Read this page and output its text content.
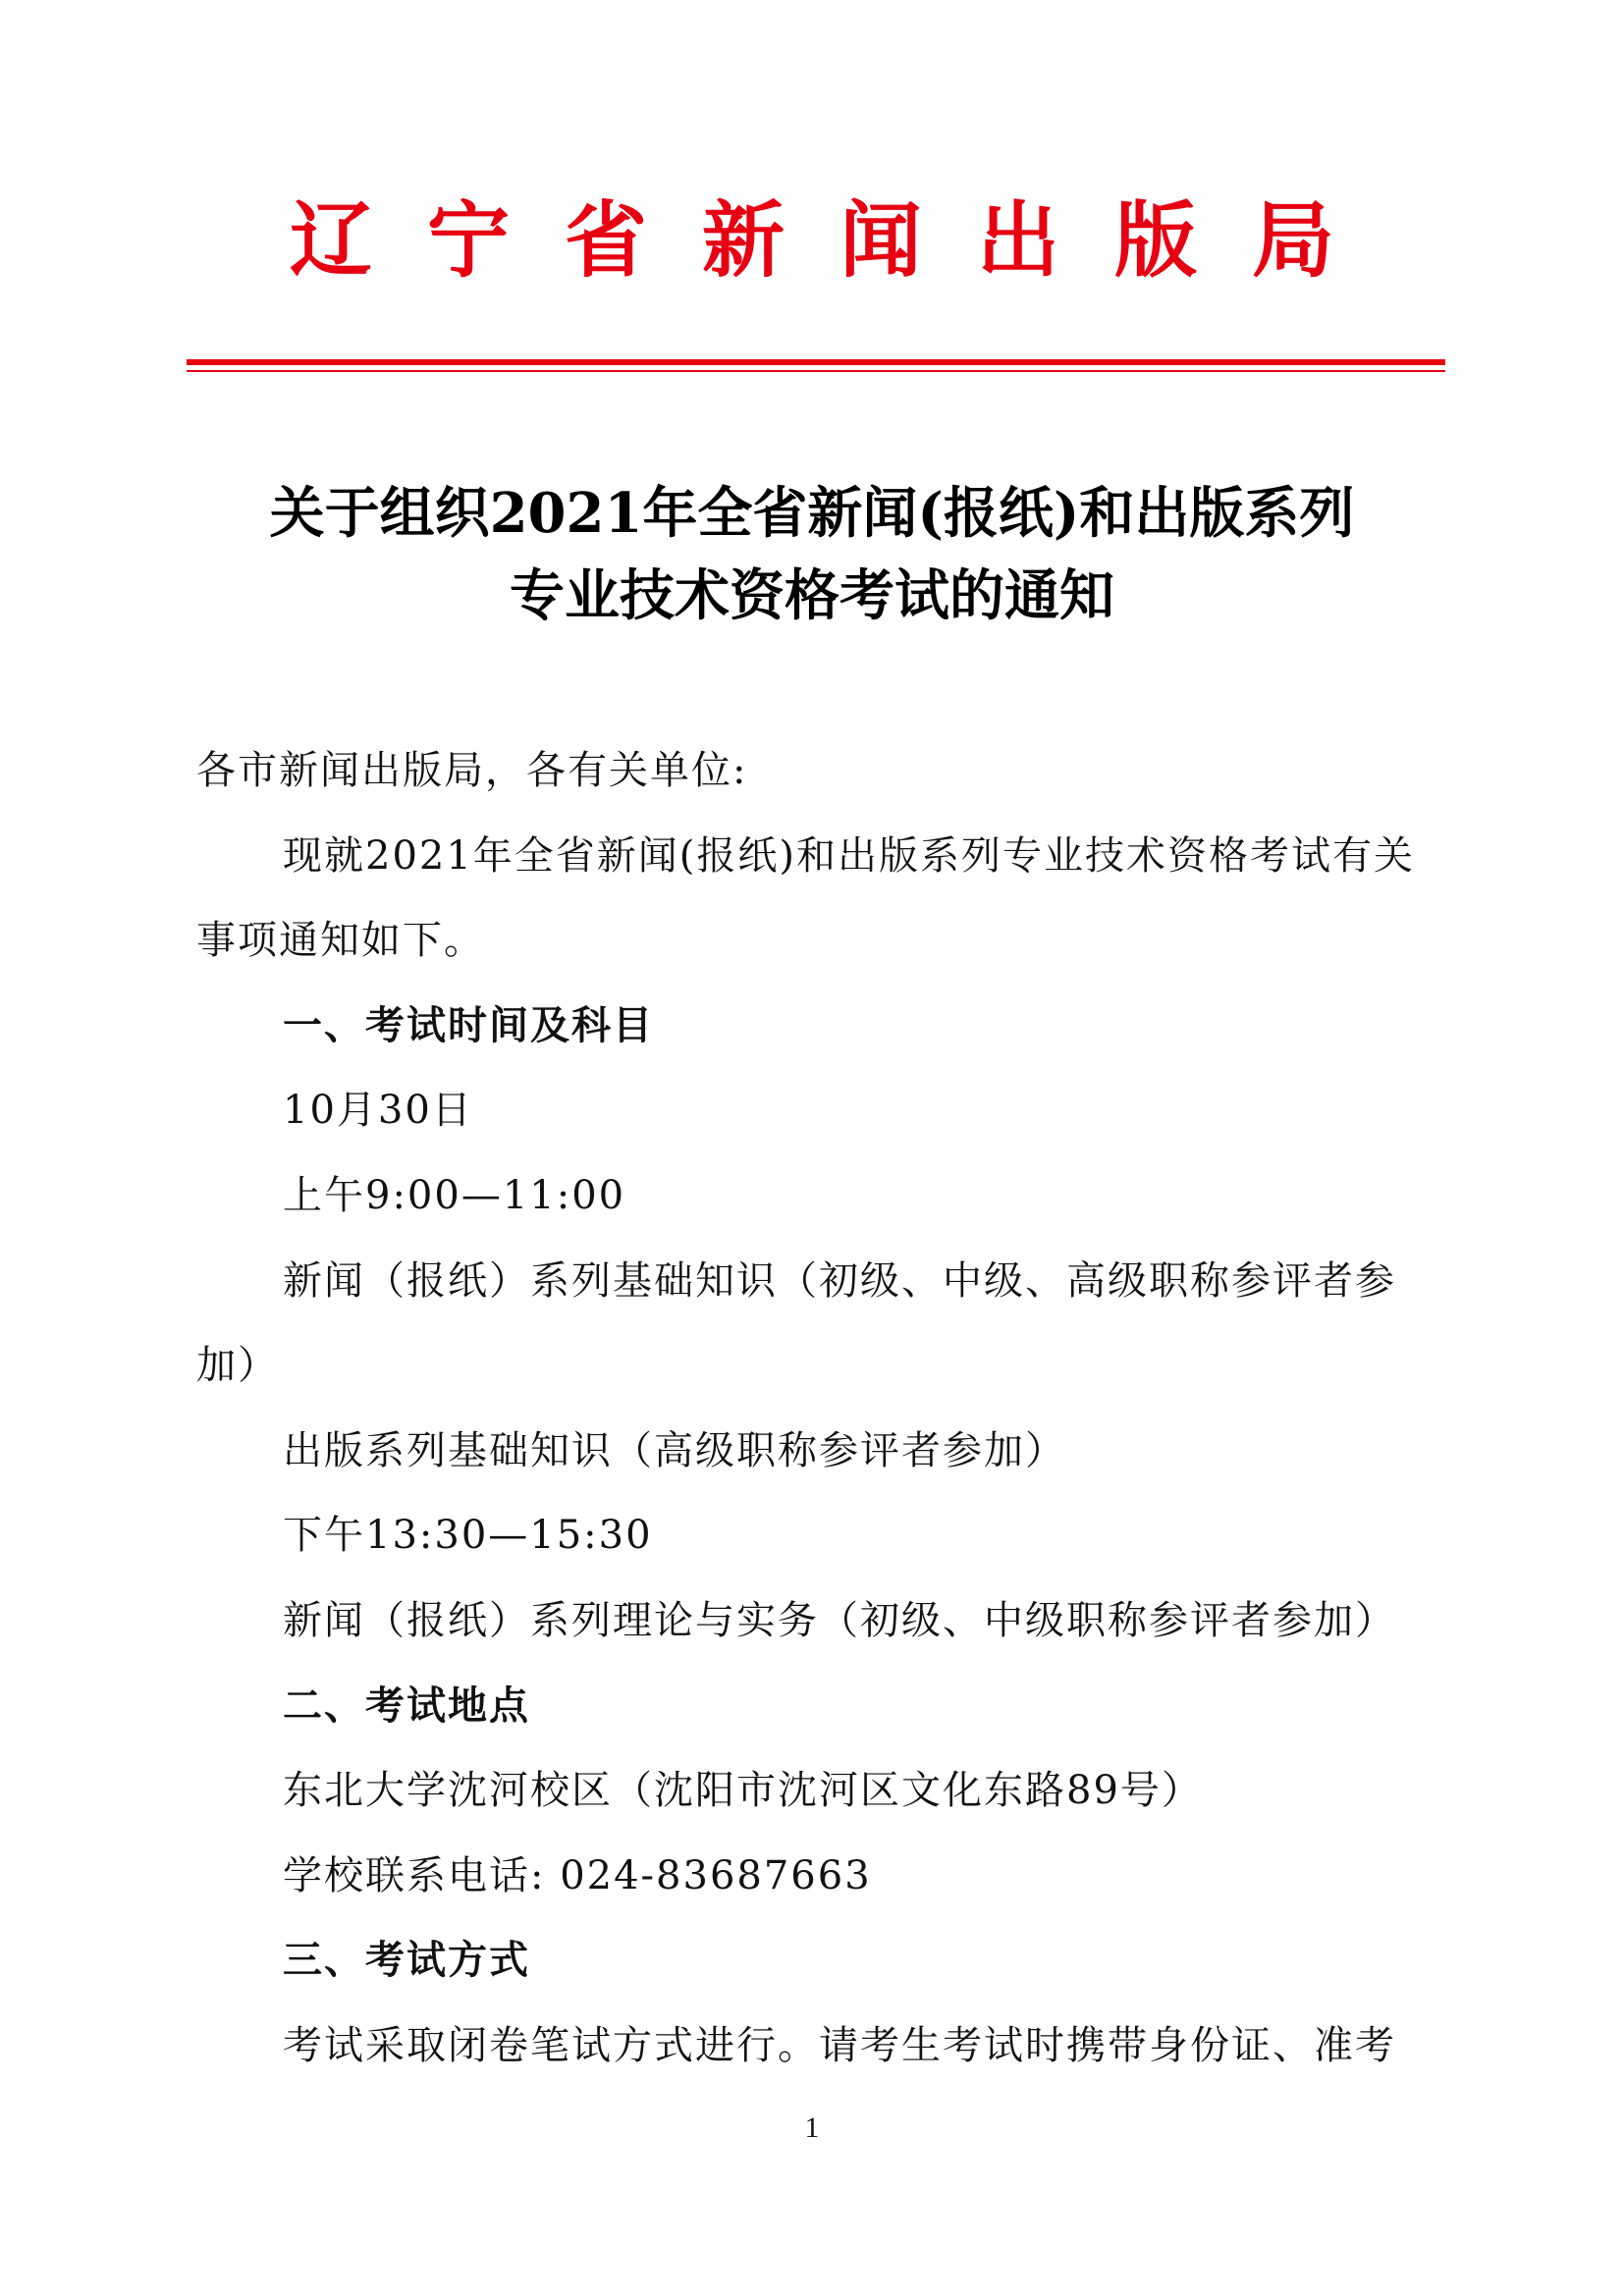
辽宁省新闻出版局
关于组织2021年全省新闻(报纸)和出版系列
专业技术资格考试的通知

各市新闻出版局，各有关单位:

现就2021年全省新闻(报纸)和出版系列专业技术资格考试有关事项通知如下。

一、考试时间及科目

10月30日

上午9:00—11:00

新闻（报纸）系列基础知识（初级、中级、高级职称参评者参加）

出版系列基础知识（高级职称参评者参加）

下午13:30—15:30

新闻（报纸）系列理论与实务（初级、中级职称参评者参加）

二、考试地点

东北大学沈河校区（沈阳市沈河区文化东路89号）

学校联系电话: 024-83687663

三、考试方式

考试采取闭卷笔试方式进行。请考生考试时携带身份证、准考

1
